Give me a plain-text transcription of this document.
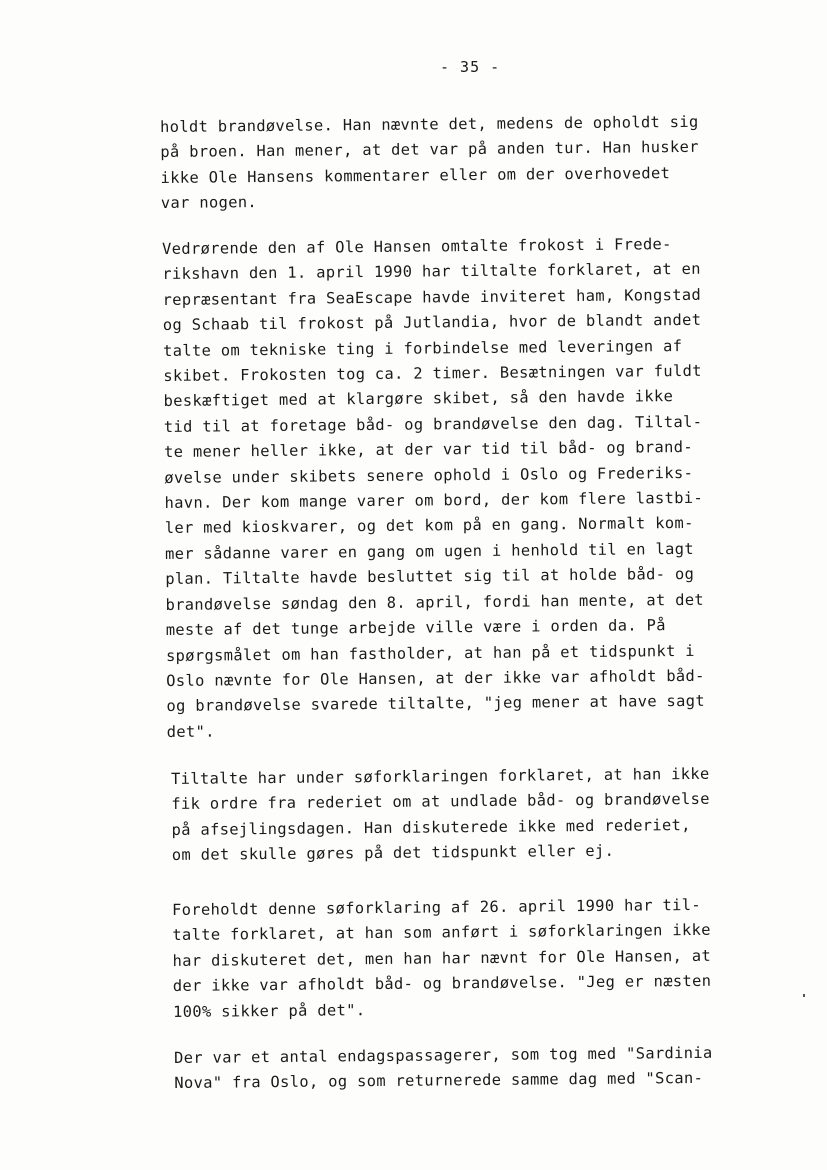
- 35 -
holdt brandøvelse. Han nævnte det, medens de opholdt sig
på broen. Han mener, at det var på anden tur. Han husker
ikke Ole Hansens kommentarer eller om der overhovedet
var nogen.
Vedrørende den af Ole Hansen omtalte frokost i Frede-
rikshavn den 1. april 1990 har tiltalte forklaret, at en
repræsentant fra SeaEscape havde inviteret ham, Kongstad
og Schaab til frokost på Jutlandia, hvor de blandt andet
talte om tekniske ting i forbindelse med leveringen af
skibet. Frokosten tog ca. 2 timer. Besætningen var fuldt
beskæftiget med at klargøre skibet, så den havde ikke
tid til at foretage båd- og brandøvelse den dag. Tiltal-
te mener heller ikke, at der var tid til båd- og brand-
øvelse under skibets senere ophold i Oslo og Frederiks-
havn. Der kom mange varer om bord, der kom flere lastbi-
ler med kioskvarer, og det kom på en gang. Normalt kom-
mer sådanne varer en gang om ugen i henhold til en lagt
plan. Tiltalte havde besluttet sig til at holde båd- og
brandøvelse søndag den 8. april, fordi han mente, at det
meste af det tunge arbejde ville være i orden da. På
spørgsmålet om han fastholder, at han på et tidspunkt i
Oslo nævnte for Ole Hansen, at der ikke var afholdt båd-
og brandøvelse svarede tiltalte, "jeg mener at have sagt
det".
Tiltalte har under søforklaringen forklaret, at han ikke
fik ordre fra rederiet om at undlade båd- og brandøvelse
på afsejlingsdagen. Han diskuterede ikke med rederiet,
om det skulle gøres på det tidspunkt eller ej.
Foreholdt denne søforklaring af 26. april 1990 har til-
talte forklaret, at han som anført i søforklaringen ikke
har diskuteret det, men han har nævnt for Ole Hansen, at
der ikke var afholdt båd- og brandøvelse. "Jeg er næsten
100% sikker på det".
Der var et antal endagspassagerer, som tog med "Sardinia
Nova" fra Oslo, og som returnerede samme dag med "Scan-
